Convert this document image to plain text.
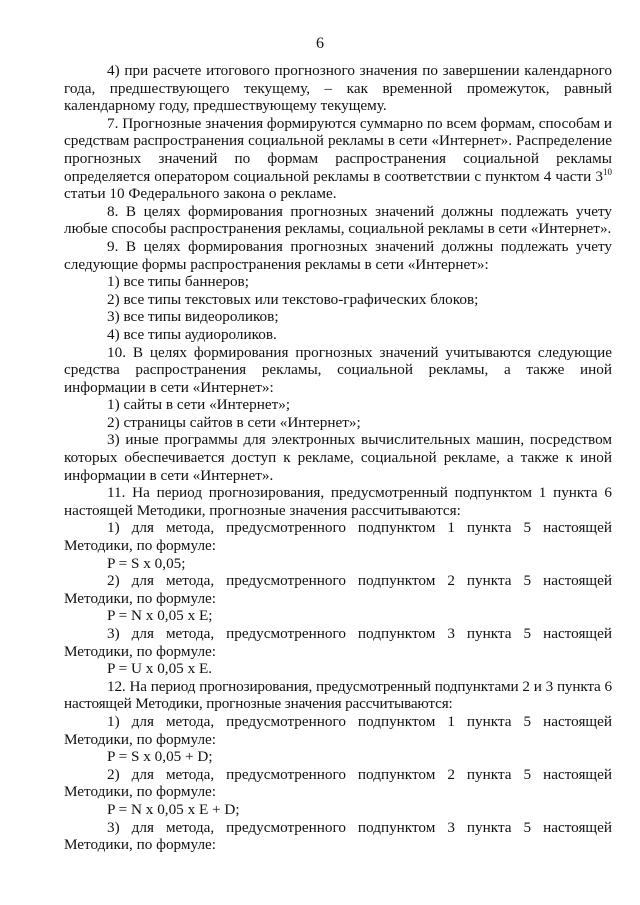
6

4) при расчете итогового прогнозного значения по завершении календарного года, предшествующего текущему, – как временной промежуток, равный календарному году, предшествующему текущему.

7. Прогнозные значения формируются суммарно по всем формам, способам и средствам распространения социальной рекламы в сети «Интернет». Распределение прогнозных значений по формам распространения социальной рекламы определяется оператором социальной рекламы в соответствии с пунктом 4 части $3^{10}$ статьи 10 Федерального закона о рекламе.

8. В целях формирования прогнозных значений должны подлежать учету любые способы распространения рекламы, социальной рекламы в сети «Интернет».

9. В целях формирования прогнозных значений должны подлежать учету следующие формы распространения рекламы в сети «Интернет»:

1) все типы баннеров;

2) все типы текстовых или текстово-графических блоков;

3) все типы видеороликов;

4) все типы аудиороликов.

10. В целях формирования прогнозных значений учитываются следующие средства распространения рекламы, социальной рекламы, а также иной информации в сети «Интернет»:

1) сайты в сети «Интернет»;

2) страницы сайтов в сети «Интернет»;

3) иные программы для электронных вычислительных машин, посредством которых обеспечивается доступ к рекламе, социальной рекламе, а также к иной информации в сети «Интернет».

11. На период прогнозирования, предусмотренный подпунктом 1 пункта 6 настоящей Методики, прогнозные значения рассчитываются:

1) для метода, предусмотренного подпунктом 1 пункта 5 настоящей Методики, по формуле:

P = S x 0,05;

2) для метода, предусмотренного подпунктом 2 пункта 5 настоящей Методики, по формуле:

P = N x 0,05 x E;

3) для метода, предусмотренного подпунктом 3 пункта 5 настоящей Методики, по формуле:

P = U x 0,05 x E.

12. На период прогнозирования, предусмотренный подпунктами 2 и 3 пункта 6 настоящей Методики, прогнозные значения рассчитываются:

1) для метода, предусмотренного подпунктом 1 пункта 5 настоящей Методики, по формуле:

P = S x 0,05 + D;

2) для метода, предусмотренного подпунктом 2 пункта 5 настоящей Методики, по формуле:

P = N x 0,05 x E + D;

3) для метода, предусмотренного подпунктом 3 пункта 5 настоящей Методики, по формуле:
